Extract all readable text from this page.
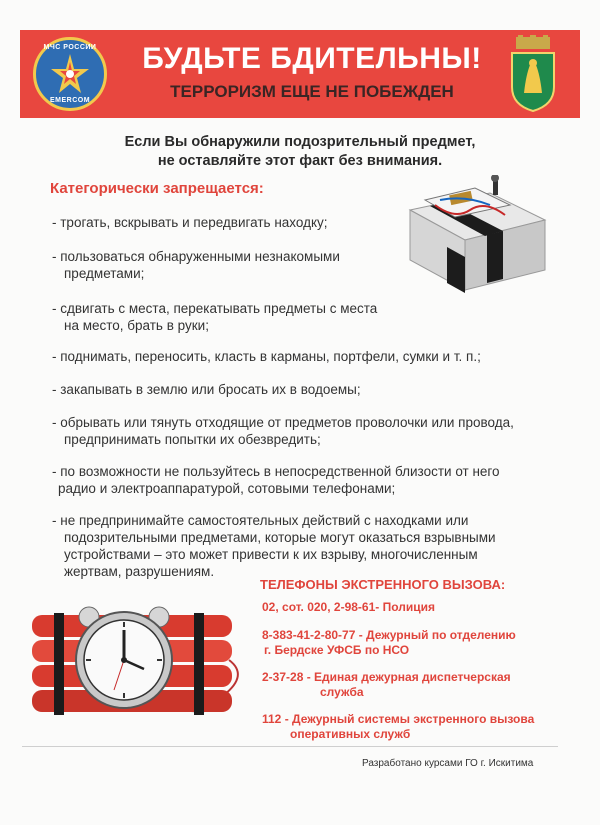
МЧС РОССИИ
EMERCOM
БУДЬТЕ БДИТЕЛЬНЫ!
ТЕРРОРИЗМ ЕЩЕ НЕ ПОБЕЖДЕН
Если Вы обнаружили подозрительный предмет,
не оставляйте этот факт без внимания.
Категорически запрещается:
- трогать, вскрывать и передвигать находку;
- пользоваться обнаруженными незнакомыми
предметами;
- сдвигать с места, перекатывать предметы с места
на место, брать в руки;
- поднимать, переносить, класть в карманы, портфели, сумки и т. п.;
- закапывать в землю или бросать их в водоемы;
- обрывать или тянуть отходящие от предметов проволочки или провода,
предпринимать попытки их обезвредить;
- по возможности не пользуйтесь в непосредственной близости от него
радио и электроаппаратурой, сотовыми телефонами;
- не предпринимайте самостоятельных действий с находками или
подозрительными предметами, которые могут оказаться взрывными
устройствами – это может привести к их взрыву, многочисленным
жертвам, разрушениям.
ТЕЛЕФОНЫ ЭКСТРЕННОГО ВЫЗОВА:
02, сот. 020, 2-98-61- Полиция
8-383-41-2-80-77 - Дежурный по отделению
г. Бердске УФСБ по НСО
2-37-28 - Единая дежурная диспетчерская
служба
112 - Дежурный системы экстренного вызова
оперативных служб
Разработано курсами ГО г. Искитима
